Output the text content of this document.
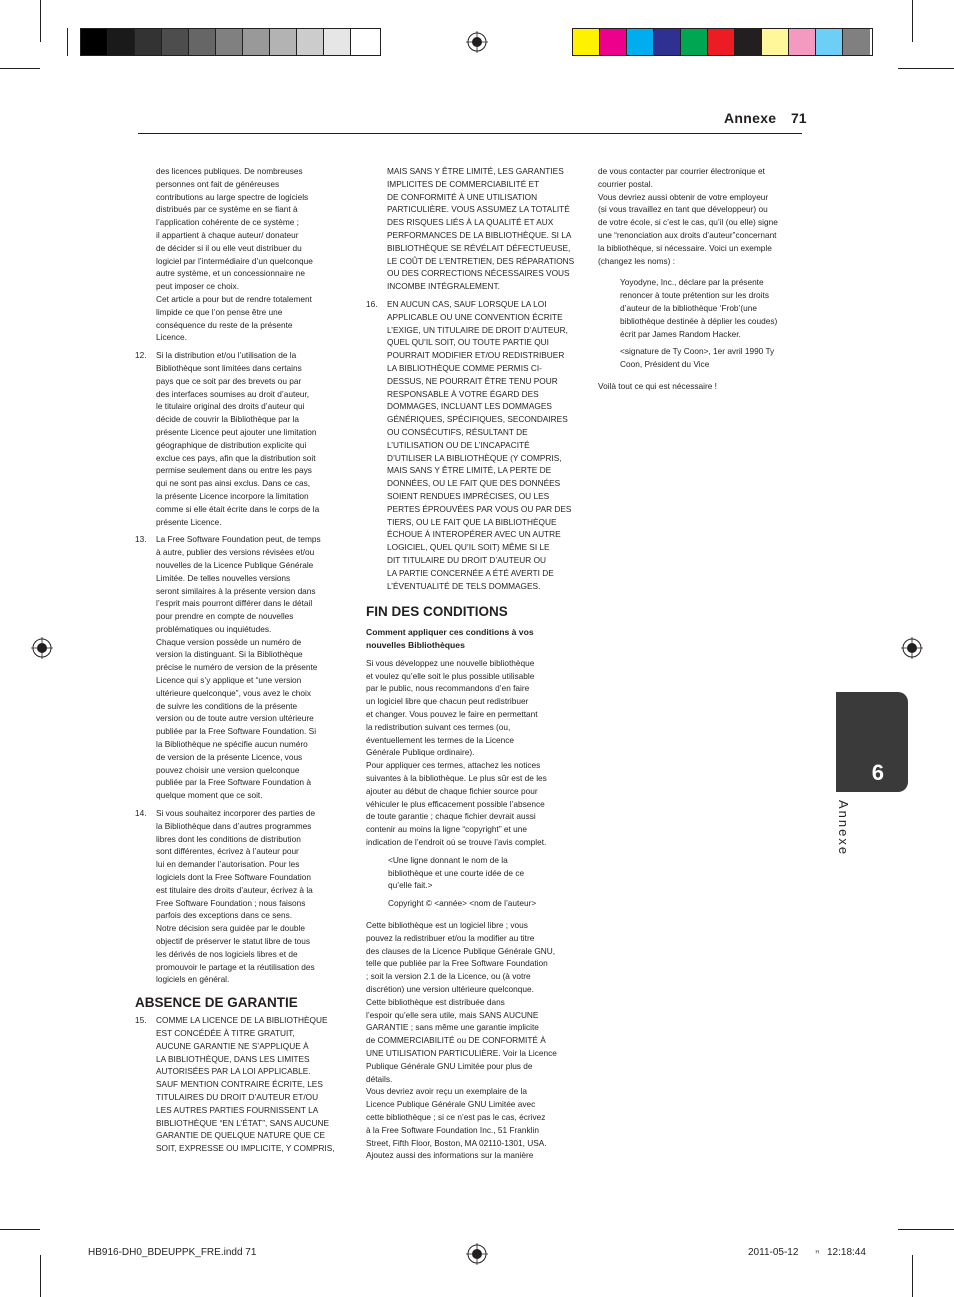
Annexe 71
6
Annexe

des licences publiques. De nombreuses
personnes ont fait de généreuses
contributions au large spectre de logiciels
distribués par ce système en se fiant à
l’application cohérente de ce système ;
il appartient à chaque auteur/ donateur
de décider si il ou elle veut distribuer du
logiciel par l’intermédiaire d’un quelconque
autre système, et un concessionnaire ne
peut imposer ce choix.
Cet article a pour but de rendre totalement
limpide ce que l’on pense être une
conséquence du reste de la présente
Licence.

12. Si la distribution et/ou l’utilisation de la
Bibliothèque sont limitées dans certains
pays que ce soit par des brevets ou par
des interfaces soumises au droit d’auteur,
le titulaire original des droits d’auteur qui
décide de couvrir la Bibliothèque par la
présente Licence peut ajouter une limitation
géographique de distribution explicite qui
exclue ces pays, afin que la distribution soit
permise seulement dans ou entre les pays
qui ne sont pas ainsi exclus. Dans ce cas,
la présente Licence incorpore la limitation
comme si elle était écrite dans le corps de la
présente Licence.

13. La Free Software Foundation peut, de temps
à autre, publier des versions révisées et/ou
nouvelles de la Licence Publique Générale
Limitée. De telles nouvelles versions
seront similaires à la présente version dans
l’esprit mais pourront différer dans le détail
pour prendre en compte de nouvelles
problématiques ou inquiétudes.
Chaque version possède un numéro de
version la distinguant. Si la Bibliothèque
précise le numéro de version de la présente
Licence qui s’y applique et “une version
ultérieure quelconque”, vous avez le choix
de suivre les conditions de la présente
version ou de toute autre version ultérieure
publiée par la Free Software Foundation. Si
la Bibliothèque ne spécifie aucun numéro
de version de la présente Licence, vous
pouvez choisir une version quelconque
publiée par la Free Software Foundation à
quelque moment que ce soit.

14. Si vous souhaitez incorporer des parties de
la Bibliothèque dans d’autres programmes
libres dont les conditions de distribution
sont différentes, écrivez à l’auteur pour
lui en demander l’autorisation. Pour les
logiciels dont la Free Software Foundation
est titulaire des droits d’auteur, écrivez à la
Free Software Foundation ; nous faisons
parfois des exceptions dans ce sens.
Notre décision sera guidée par le double
objectif de préserver le statut libre de tous
les dérivés de nos logiciels libres et de
promouvoir le partage et la réutilisation des
logiciels en général.

ABSENCE DE GARANTIE
15. COMME LA LICENCE DE LA BIBLIOTHÈQUE
EST CONCÉDÉE À TITRE GRATUIT,
AUCUNE GARANTIE NE S’APPLIQUE À
LA BIBLIOTHÈQUE, DANS LES LIMITES
AUTORISÉES PAR LA LOI APPLICABLE.
SAUF MENTION CONTRAIRE ÉCRITE, LES
TITULAIRES DU DROIT D’AUTEUR ET/OU
LES AUTRES PARTIES FOURNISSENT LA
BIBLIOTHÈQUE “EN L’ÉTAT”, SANS AUCUNE
GARANTIE DE QUELQUE NATURE QUE CE
SOIT, EXPRESSE OU IMPLICITE, Y COMPRIS,

MAIS SANS Y ÊTRE LIMITÉ, LES GARANTIES
IMPLICITES DE COMMERCIABILITÉ ET
DE CONFORMITÉ À UNE UTILISATION
PARTICULIÈRE. VOUS ASSUMEZ LA TOTALITÉ
DES RISQUES LIÉS À LA QUALITÉ ET AUX
PERFORMANCES DE LA BIBLIOTHÈQUE. SI LA
BIBLIOTHÈQUE SE RÉVÉLAIT DÉFECTUEUSE,
LE COÛT DE L’ENTRETIEN, DES RÉPARATIONS
OU DES CORRECTIONS NÉCESSAIRES VOUS
INCOMBE INTÉGRALEMENT.

16. EN AUCUN CAS, SAUF LORSQUE LA LOI
APPLICABLE OU UNE CONVENTION ÉCRITE
L’EXIGE, UN TITULAIRE DE DROIT D’AUTEUR,
QUEL QU’IL SOIT, OU TOUTE PARTIE QUI
POURRAIT MODIFIER ET/OU REDISTRIBUER
LA BIBLIOTHÈQUE COMME PERMIS CI-
DESSUS, NE POURRAIT ÊTRE TENU POUR
RESPONSABLE À VOTRE ÉGARD DES
DOMMAGES, INCLUANT LES DOMMAGES
GÉNÉRIQUES, SPÉCIFIQUES, SECONDAIRES
OU CONSÉCUTIFS, RÉSULTANT DE
L’UTILISATION OU DE L’INCAPACITÉ
D’UTILISER LA BIBLIOTHÈQUE (Y COMPRIS,
MAIS SANS Y ÊTRE LIMITÉ, LA PERTE DE
DONNÉES, OU LE FAIT QUE DES DONNÉES
SOIENT RENDUES IMPRÉCISES, OU LES
PERTES ÉPROUVÉES PAR VOUS OU PAR DES
TIERS, OU LE FAIT QUE LA BIBLIOTHÈQUE
ÉCHOUE À INTEROPÉRER AVEC UN AUTRE
LOGICIEL, QUEL QU’IL SOIT) MÊME SI LE
DIT TITULAIRE DU DROIT D’AUTEUR OU
LA PARTIE CONCERNÉE A ÉTÉ AVERTI DE
L’ÉVENTUALITÉ DE TELS DOMMAGES.

FIN DES CONDITIONS
Comment appliquer ces conditions à vos
nouvelles Bibliothèques

Si vous développez une nouvelle bibliothèque
et voulez qu’elle soit le plus possible utilisable
par le public, nous recommandons d’en faire
un logiciel libre que chacun peut redistribuer
et changer. Vous pouvez le faire en permettant
la redistribution suivant ces termes (ou,
éventuellement les termes de la Licence
Générale Publique ordinaire).
Pour appliquer ces termes, attachez les notices
suivantes à la bibliothèque. Le plus sûr est de les
ajouter au début de chaque fichier source pour
véhiculer le plus efficacement possible l’absence
de toute garantie ; chaque fichier devrait aussi
contenir au moins la ligne “copyright” et une
indication de l’endroit où se trouve l’avis complet.

<Une ligne donnant le nom de la
bibliothèque et une courte idée de ce
qu’elle fait.>

Copyright © <année> <nom de l’auteur>

Cette bibliothèque est un logiciel libre ; vous
pouvez la redistribuer et/ou la modifier au titre
des clauses de la Licence Publique Générale GNU,
telle que publiée par la Free Software Foundation
; soit la version 2.1 de la Licence, ou (à votre
discrétion) une version ultérieure quelconque.
Cette bibliothèque est distribuée dans
l’espoir qu’elle sera utile, mais SANS AUCUNE
GARANTIE ; sans même une garantie implicite
de COMMERCIABILITÉ ou DE CONFORMITÉ À
UNE UTILISATION PARTICULIÈRE. Voir la Licence
Publique Générale GNU Limitée pour plus de
détails.
Vous devriez avoir reçu un exemplaire de la
Licence Publique Générale GNU Limitée avec
cette bibliothèque ; si ce n’est pas le cas, écrivez
à la Free Software Foundation Inc., 51 Franklin
Street, Fifth Floor, Boston, MA 02110-1301, USA.
Ajoutez aussi des informations sur la manière

de vous contacter par courrier électronique et
courrier postal.
Vous devriez aussi obtenir de votre employeur
(si vous travaillez en tant que développeur) ou
de votre école, si c’est le cas, qu’il (ou elle) signe
une “renonciation aux droits d’auteur”concernant
la bibliothèque, si nécessaire. Voici un exemple
(changez les noms) :

Yoyodyne, Inc., déclare par la présente
renoncer à toute prétention sur les droits
d’auteur de la bibliothèque ‘Frob’(une
bibliothèque destinée à déplier les coudes)
écrit par James Random Hacker.

<signature de Ty Coon>, 1er avril 1990 Ty
Coon, Président du Vice

Voilà tout ce qui est nécessaire !

HB916-DH0_BDEUPPK_FRE.indd 71	2011-05-12 ꟸ 12:18:44
